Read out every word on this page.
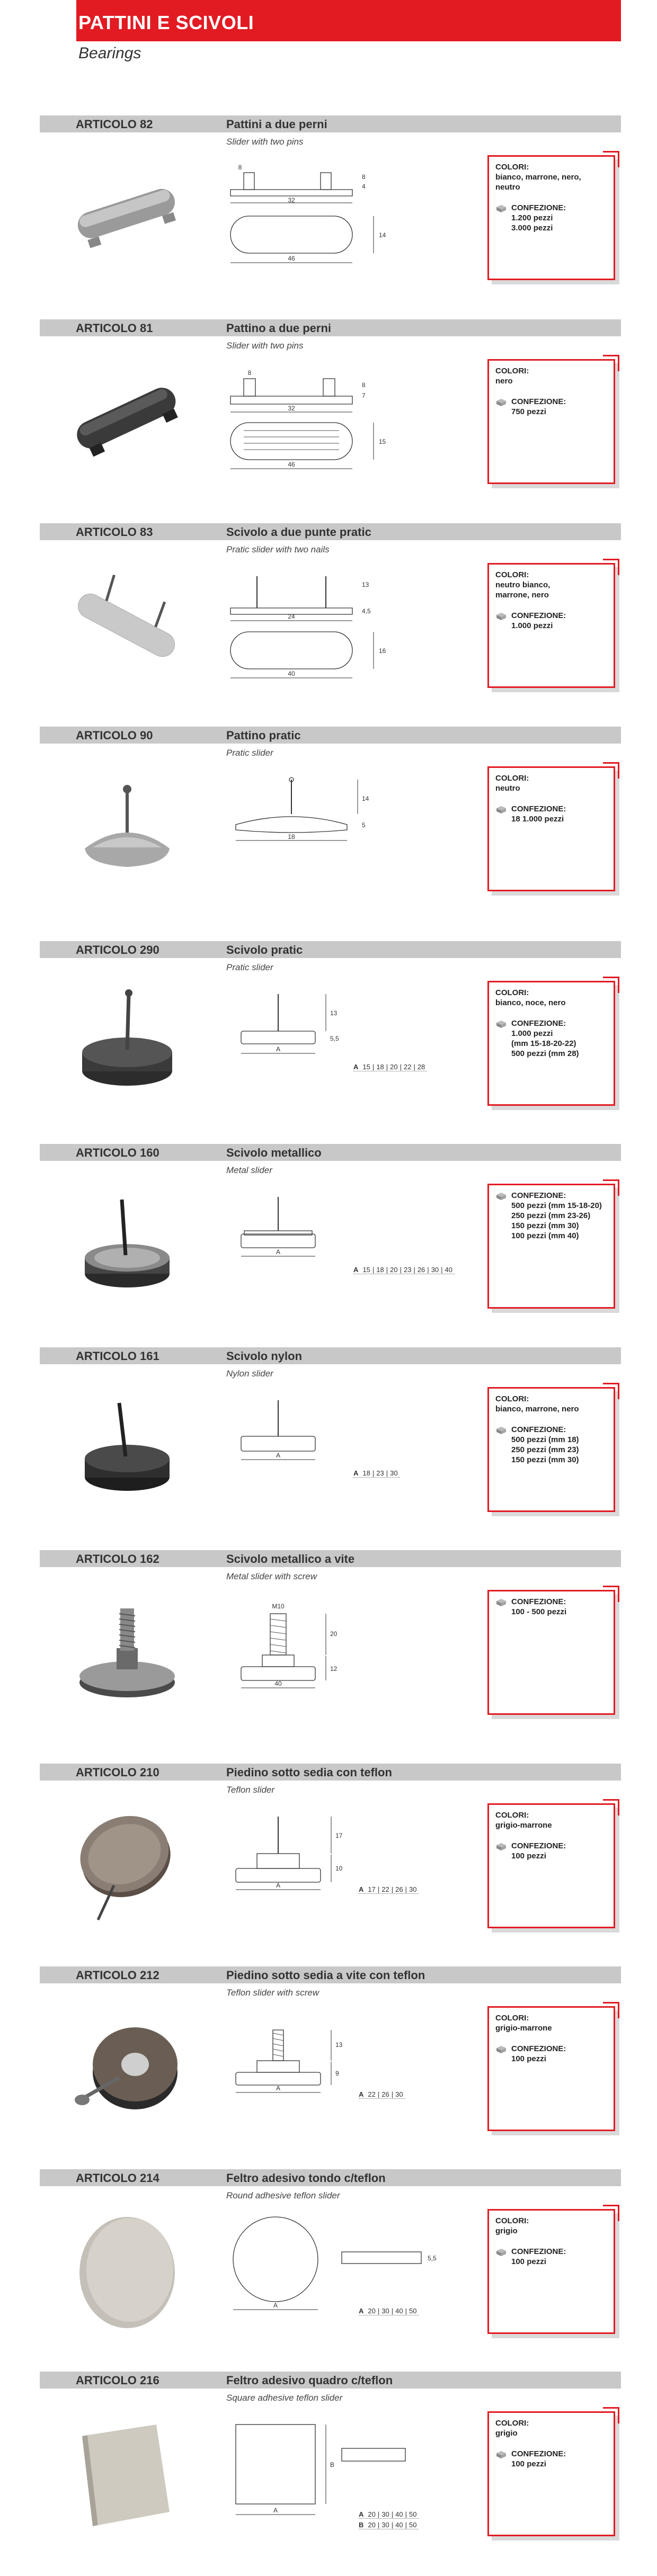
PATTINI E SCIVOLI
Bearings
ARTICOLO 82	Pattini a due perni
Slider with two pins
32
8
8
4
14
46
COLORI:
bianco, marrone, nero,
neutro
CONFEZIONE:
1.200 pezzi
3.000 pezzi
ARTICOLO 81	Pattino a due perni
Slider with two pins
32
8
8
7
15
46
COLORI:
nero
CONFEZIONE:
750 pezzi
ARTICOLO 83	Scivolo a due punte pratic
Pratic slider with two nails
13
4,5
24
16
40
COLORI:
neutro bianco,
marrone, nero
CONFEZIONE:
1.000 pezzi
ARTICOLO 90	Pattino pratic
Pratic slider
14
5
18
COLORI:
neutro
CONFEZIONE:
18 1.000 pezzi
ARTICOLO 290	Scivolo pratic
Pratic slider
13
5,5
A
A 15 | 18 | 20 | 22 | 28
COLORI:
bianco, noce, nero
CONFEZIONE:
1.000 pezzi
(mm 15-18-20-22)
500 pezzi (mm 28)
ARTICOLO 160	Scivolo metallico
Metal slider
A
A 15 | 18 | 20 | 23 | 26 | 30 | 40
CONFEZIONE:
500 pezzi (mm 15-18-20)
250 pezzi (mm 23-26)
150 pezzi (mm 30)
100 pezzi (mm 40)
ARTICOLO 161	Scivolo nylon
Nylon slider
A
A 18 | 23 | 30
COLORI:
bianco, marrone, nero
CONFEZIONE:
500 pezzi (mm 18)
250 pezzi (mm 23)
150 pezzi (mm 30)
ARTICOLO 162	Scivolo metallico a vite
Metal slider with screw
M10
20
12
40
CONFEZIONE:
100 - 500 pezzi
ARTICOLO 210	Piedino sotto sedia con teflon
Teflon slider
17
10
A	A 17 | 22 | 26 | 30
COLORI:
grigio-marrone
CONFEZIONE:
100 pezzi
ARTICOLO 212	Piedino sotto sedia a vite con teflon
Teflon slider with screw
13
9
A
A 22 | 26 | 30
COLORI:
grigio-marrone
CONFEZIONE:
100 pezzi
ARTICOLO 214	Feltro adesivo tondo c/teflon
Round adhesive teflon slider
5,5
A
A 20 | 30 | 40 | 50
COLORI:
grigio
CONFEZIONE:
100 pezzi
ARTICOLO 216	Feltro adesivo quadro c/teflon
Square adhesive teflon slider
B
A	A 20 | 30 | 40 | 50
B 20 | 30 | 40 | 50
COLORI:
grigio
CONFEZIONE:
100 pezzi
